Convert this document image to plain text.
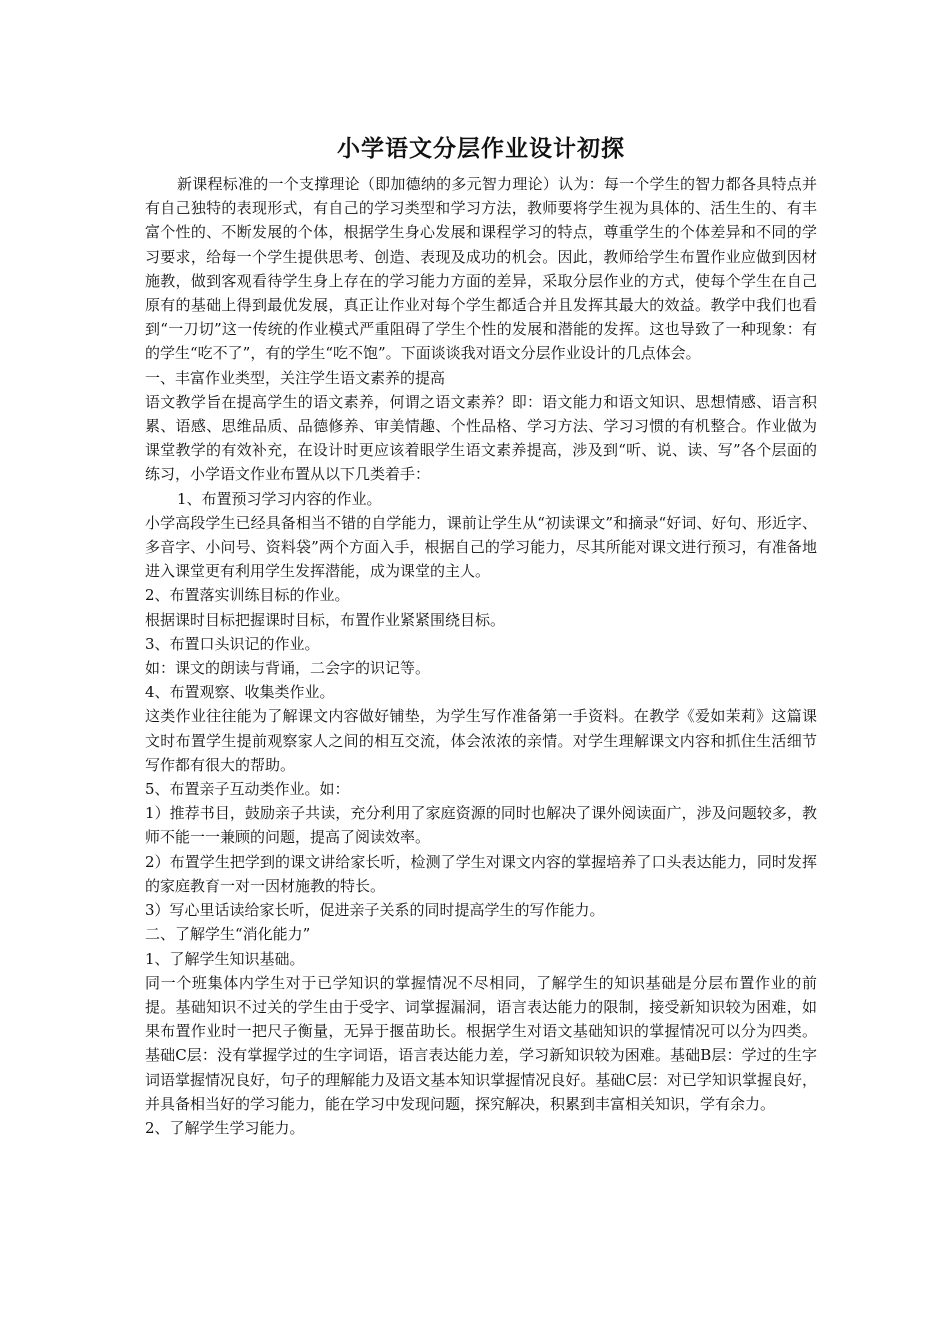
小学语文分层作业设计初探

新课程标准的一个支撑理论（即加德纳的多元智力理论）认为：每一个学生的智力都各具特点并有自己独特的表现形式，有自己的学习类型和学习方法，教师要将学生视为具体的、活生生的、有丰富个性的、不断发展的个体，根据学生身心发展和课程学习的特点，尊重学生的个体差异和不同的学习要求，给每一个学生提供思考、创造、表现及成功的机会。因此，教师给学生布置作业应做到因材施教，做到客观看待学生身上存在的学习能力方面的差异，采取分层作业的方式，使每个学生在自己原有的基础上得到最优发展，真正让作业对每个学生都适合并且发挥其最大的效益。教学中我们也看到“一刀切”这一传统的作业模式严重阻碍了学生个性的发展和潜能的发挥。这也导致了一种现象：有的学生“吃不了”，有的学生“吃不饱”。下面谈谈我对语文分层作业设计的几点体会。

一、丰富作业类型，关注学生语文素养的提高

语文教学旨在提高学生的语文素养，何谓之语文素养？即：语文能力和语文知识、思想情感、语言积累、语感、思维品质、品德修养、审美情趣、个性品格、学习方法、学习习惯的有机整合。作业做为课堂教学的有效补充，在设计时更应该着眼学生语文素养提高，涉及到“听、说、读、写”各个层面的练习，小学语文作业布置从以下几类着手：

1、布置预习学习内容的作业。

小学高段学生已经具备相当不错的自学能力，课前让学生从“初读课文”和摘录“好词、好句、形近字、多音字、小问号、资料袋”两个方面入手，根据自己的学习能力，尽其所能对课文进行预习，有准备地进入课堂更有利用学生发挥潜能，成为课堂的主人。

2、布置落实训练目标的作业。

根据课时目标把握课时目标，布置作业紧紧围绕目标。

3、布置口头识记的作业。

如：课文的朗读与背诵，二会字的识记等。

4、布置观察、收集类作业。

这类作业往往能为了解课文内容做好铺垫，为学生写作准备第一手资料。在教学《爱如茉莉》这篇课文时布置学生提前观察家人之间的相互交流，体会浓浓的亲情。对学生理解课文内容和抓住生活细节写作都有很大的帮助。

5、布置亲子互动类作业。如：

1）推荐书目，鼓励亲子共读，充分利用了家庭资源的同时也解决了课外阅读面广，涉及问题较多，教师不能一一兼顾的问题，提高了阅读效率。

2）布置学生把学到的课文讲给家长听，检测了学生对课文内容的掌握培养了口头表达能力，同时发挥的家庭教育一对一因材施教的特长。

3）写心里话读给家长听，促进亲子关系的同时提高学生的写作能力。

二、了解学生“消化能力”

1、了解学生知识基础。

同一个班集体内学生对于已学知识的掌握情况不尽相同，了解学生的知识基础是分层布置作业的前提。基础知识不过关的学生由于受字、词掌握漏洞，语言表达能力的限制，接受新知识较为困难，如果布置作业时一把尺子衡量，无异于揠苗助长。根据学生对语文基础知识的掌握情况可以分为四类。基础C层：没有掌握学过的生字词语，语言表达能力差，学习新知识较为困难。基础B层：学过的生字词语掌握情况良好，句子的理解能力及语文基本知识掌握情况良好。基础C层：对已学知识掌握良好，并具备相当好的学习能力，能在学习中发现问题，探究解决，积累到丰富相关知识，学有余力。

2、了解学生学习能力。
